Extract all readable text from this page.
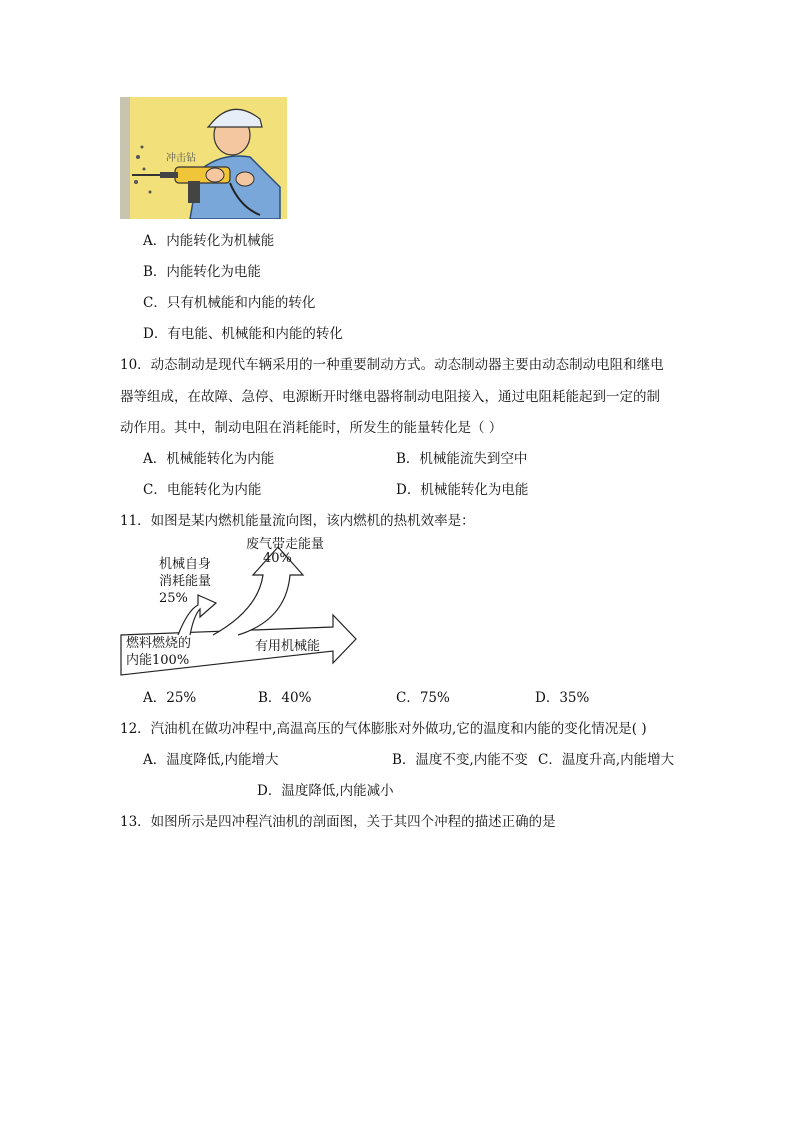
冲击钻
A．内能转化为机械能
B．内能转化为电能
C．只有机械能和内能的转化
D．有电能、机械能和内能的转化
10．动态制动是现代车辆采用的一种重要制动方式。动态制动器主要由动态制动电阻和继电
器等组成，在故障、急停、电源断开时继电器将制动电阻接入，通过电阻耗能起到一定的制
动作用。其中，制动电阻在消耗能时，所发生的能量转化是（ ）
A．机械能转化为内能	B．机械能流失到空中
C．电能转化为内能	D．机械能转化为电能
11．如图是某内燃机能量流向图，该内燃机的热机效率是：
废气带走能量
40%
机械自身
消耗能量
25%
有用机械能
燃料燃烧的
内能100%
A．25%	B．40%	C．75%	D．35%
12．汽油机在做功冲程中,高温高压的气体膨胀对外做功,它的温度和内能的变化情况是( )
A．温度降低,内能增大	B．温度不变,内能不变 C．温度升高,内能增大
D．温度降低,内能减小
13．如图所示是四冲程汽油机的剖面图，关于其四个冲程的描述正确的是
